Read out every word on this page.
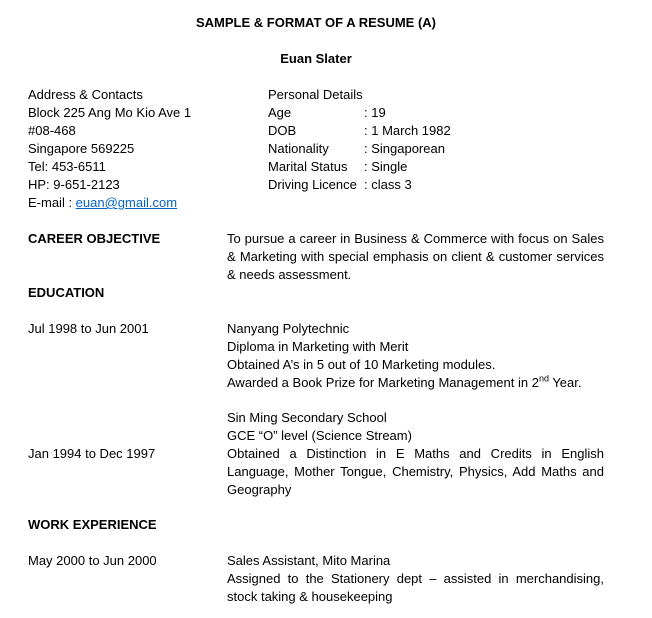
SAMPLE & FORMAT OF A RESUME (A)
Euan Slater
Address & Contacts
Block 225 Ang Mo Kio Ave 1
#08-468
Singapore 569225
Tel: 453-6511
HP: 9-651-2123
E-mail : euan@gmail.com
Personal Details
Age	: 19
DOB	: 1 March 1982
Nationality	: Singaporean
Marital Status	: Single
Driving Licence : class 3
CAREER OBJECTIVE	To pursue a career in Business & Commerce with focus on Sales & Marketing with special emphasis on client & customer services & needs assessment.
EDUCATION
Jul 1998 to Jun 2001	Nanyang Polytechnic
Diploma in Marketing with Merit
Obtained A’s in 5 out of 10 Marketing modules.
Awarded a Book Prize for Marketing Management in 2nd Year.
Sin Ming Secondary School
GCE “O” level (Science Stream)
Jan 1994 to Dec 1997	Obtained a Distinction in E Maths and Credits in English Language, Mother Tongue, Chemistry, Physics, Add Maths and Geography
WORK EXPERIENCE
May 2000 to Jun 2000	Sales Assistant, Mito Marina
Assigned to the Stationery dept – assisted in merchandising, stock taking & housekeeping
